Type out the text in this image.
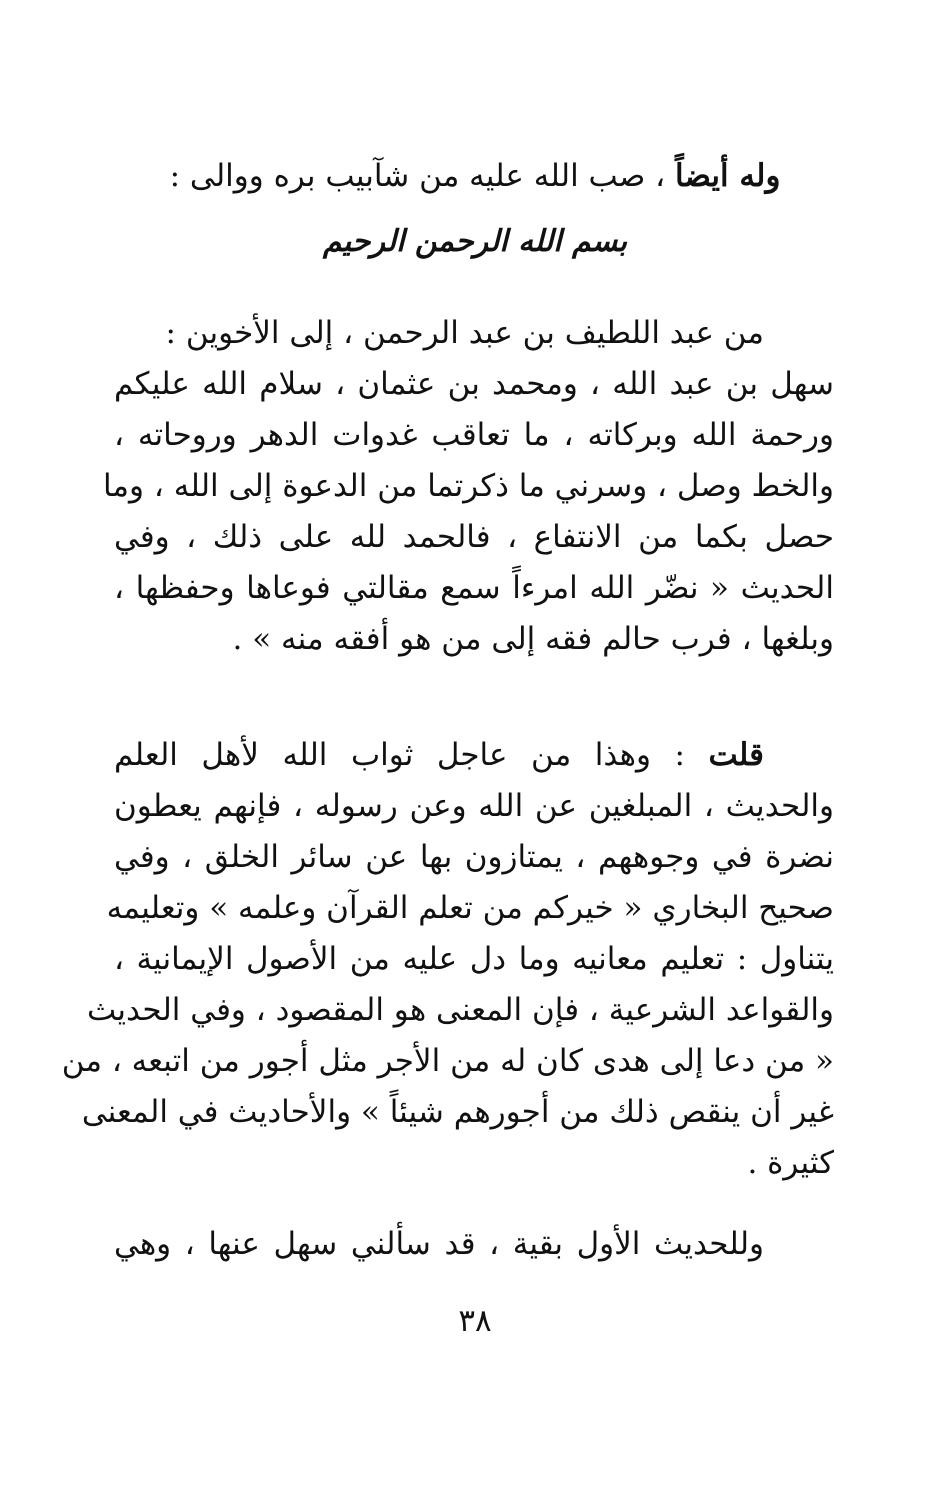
وله أيضاً ، صب الله عليه من شآبيب بره ووالى :
بسم الله الرحمن الرحيم
من عبد اللطيف بن عبد الرحمن ، إلى الأخوين :
سهل بن عبد الله ، ومحمد بن عثمان ، سلام الله عليكم
ورحمة الله وبركاته ، ما تعاقب غدوات الدهر وروحاته ،
والخط وصل ، وسرني ما ذكرتما من الدعوة إلى الله ، وما
حصل بكما من الانتفاع ، فالحمد لله على ذلك ، وفي
الحديث « نضّر الله امرءاً سمع مقالتي فوعاها وحفظها ،
وبلغها ، فرب حالم فقه إلى من هو أفقه منه » .
قلت : وهذا من عاجل ثواب الله لأهل العلم
والحديث ، المبلغين عن الله وعن رسوله ، فإنهم يعطون
نضرة في وجوههم ، يمتازون بها عن سائر الخلق ، وفي
صحيح البخاري « خيركم من تعلم القرآن وعلمه » وتعليمه
يتناول : تعليم معانيه وما دل عليه من الأصول الإيمانية ،
والقواعد الشرعية ، فإن المعنى هو المقصود ، وفي الحديث
« من دعا إلى هدى كان له من الأجر مثل أجور من اتبعه ، من
غير أن ينقص ذلك من أجورهم شيئاً » والأحاديث في المعنى
كثيرة .
وللحديث الأول بقية ، قد سألني سهل عنها ، وهي
٣٨
